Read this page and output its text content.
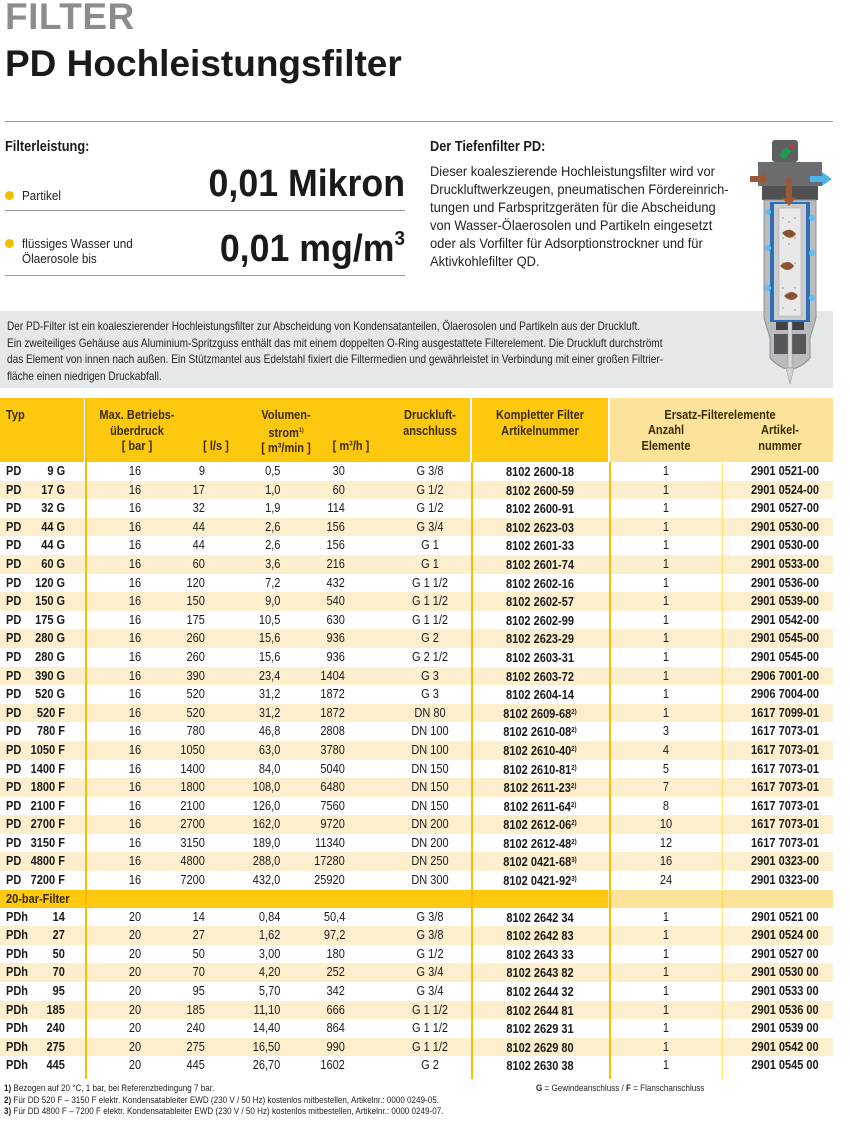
FILTER
PD Hochleistungsfilter
Filterleistung:
Partikel	0,01 Mikron
flüssiges Wasser und
Ölaerosole bis	0,01 $mg/m^3$
Der Tiefenfilter PD:
Dieser koaleszierende Hochleistungsfilter wird vor
Druckluftwerkzeugen, pneumatischen Fördereinrich-
tungen und Farbspritzgeräten für die Abscheidung
von Wasser-Ölaerosolen und Partikeln eingesetzt
oder als Vorfilter für Adsorptionstrockner und für
Aktivkohlefilter QD.
Der PD-Filter ist ein koaleszierender Hochleistungsfilter zur Abscheidung von Kondensatanteilen, Ölaerosolen und Partikeln aus der Druckluft.
Ein zweiteiliges Gehäuse aus Aluminium-Spritzguss enthält das mit einem doppelten O-Ring ausgestattete Filterelement. Die Druckluft durchströmt
das Element von innen nach außen. Ein Stützmantel aus Edelstahl fixiert die Filtermedien und gewährleistet in Verbindung mit einer großen Filtrier-
fläche einen niedrigen Druckabfall.
Typ	Max. Betriebs-
überdruck
[ bar ]	[ l/s ]
Volumen-
strom$^{1)}$
[ m³/min ]	[ m³/h ]
Druckluft-
anschluss
Kompletter Filter
Artikelnummer
Ersatz-Filterelemente
Anzahl
Elemente
Artikel-
nummer
PD 9 G	16	9	0,5	30	G 3/8	8102 2600-18	1	2901 0521-00
PD 17 G	16	17	1,0	60	G 1/2	8102 2600-59	1	2901 0524-00
PD 32 G	16	32	1,9	114	G 1/2	8102 2600-91	1	2901 0527-00
PD 44 G	16	44	2,6	156	G 3/4	8102 2623-03	1	2901 0530-00
PD 44 G	16	44	2,6	156	G 1	8102 2601-33	1	2901 0530-00
PD 60 G	16	60	3,6	216	G 1	8102 2601-74	1	2901 0533-00
PD 120 G	16	120	7,2	432	G 1 1/2	8102 2602-16	1	2901 0536-00
PD 150 G	16	150	9,0	540	G 1 1/2	8102 2602-57	1	2901 0539-00
PD 175 G	16	175	10,5	630	G 1 1/2	8102 2602-99	1	2901 0542-00
PD 280 G	16	260	15,6	936	G 2	8102 2623-29	1	2901 0545-00
PD 280 G	16	260	15,6	936	G 2 1/2	8102 2603-31	1	2901 0545-00
PD 390 G	16	390	23,4	1404	G 3	8102 2603-72	1	2906 7001-00
PD 520 G	16	520	31,2	1872	G 3	8102 2604-14	1	2906 7004-00
PD 520 F	16	520	31,2	1872	DN 80	8102 2609-68$^{2)}$	1	1617 7099-01
PD 780 F	16	780	46,8	2808	DN 100	8102 2610-08$^{2)}$	3	1617 7073-01
PD 1050 F	16	1050	63,0	3780	DN 100	8102 2610-40$^{2)}$	4	1617 7073-01
PD 1400 F	16	1400	84,0	5040	DN 150	8102 2610-81$^{2)}$	5	1617 7073-01
PD 1800 F	16	1800	108,0	6480	DN 150	8102 2611-23$^{2)}$	7	1617 7073-01
PD 2100 F	16	2100	126,0	7560	DN 150	8102 2611-64$^{2)}$	8	1617 7073-01
PD 2700 F	16	2700	162,0	9720	DN 200	8102 2612-06$^{2)}$	10	1617 7073-01
PD 3150 F	16	3150	189,0	11340	DN 200	8102 2612-48$^{2)}$	12	1617 7073-01
PD 4800 F	16	4800	288,0	17280	DN 250	8102 0421-68$^{3)}$	16	2901 0323-00
PD 7200 F	16	7200	432,0	25920	DN 300	8102 0421-92$^{3)}$	24	2901 0323-00
20-bar-Filter
PDh 14	20	14	0,84	50,4	G 3/8	8102 2642 34	1	2901 0521 00
PDh 27	20	27	1,62	97,2	G 3/8	8102 2642 83	1	2901 0524 00
PDh 50	20	50	3,00	180	G 1/2	8102 2643 33	1	2901 0527 00
PDh 70	20	70	4,20	252	G 3/4	8102 2643 82	1	2901 0530 00
PDh 95	20	95	5,70	342	G 3/4	8102 2644 32	1	2901 0533 00
PDh 185	20	185	11,10	666	G 1 1/2	8102 2644 81	1	2901 0536 00
PDh 240	20	240	14,40	864	G 1 1/2	8102 2629 31	1	2901 0539 00
PDh 275	20	275	16,50	990	G 1 1/2	8102 2629 80	1	2901 0542 00
PDh 445	20	445	26,70	1602	G 2	8102 2630 38	1	2901 0545 00
1) Bezogen auf 20 °C, 1 bar, bei Referenzbedingung 7 bar.
2) Für DD 520 F – 3150 F elektr. Kondensatableiter EWD (230 V / 50 Hz) kostenlos mitbestellen, Artikelnr.: 0000 0249-05.
3) Für DD 4800 F – 7200 F elektr. Kondensatableiter EWD (230 V / 50 Hz) kostenlos mitbestellen, Artikelnr.: 0000 0249-07.
G = Gewindeanschluss / F = Flanschanschluss
